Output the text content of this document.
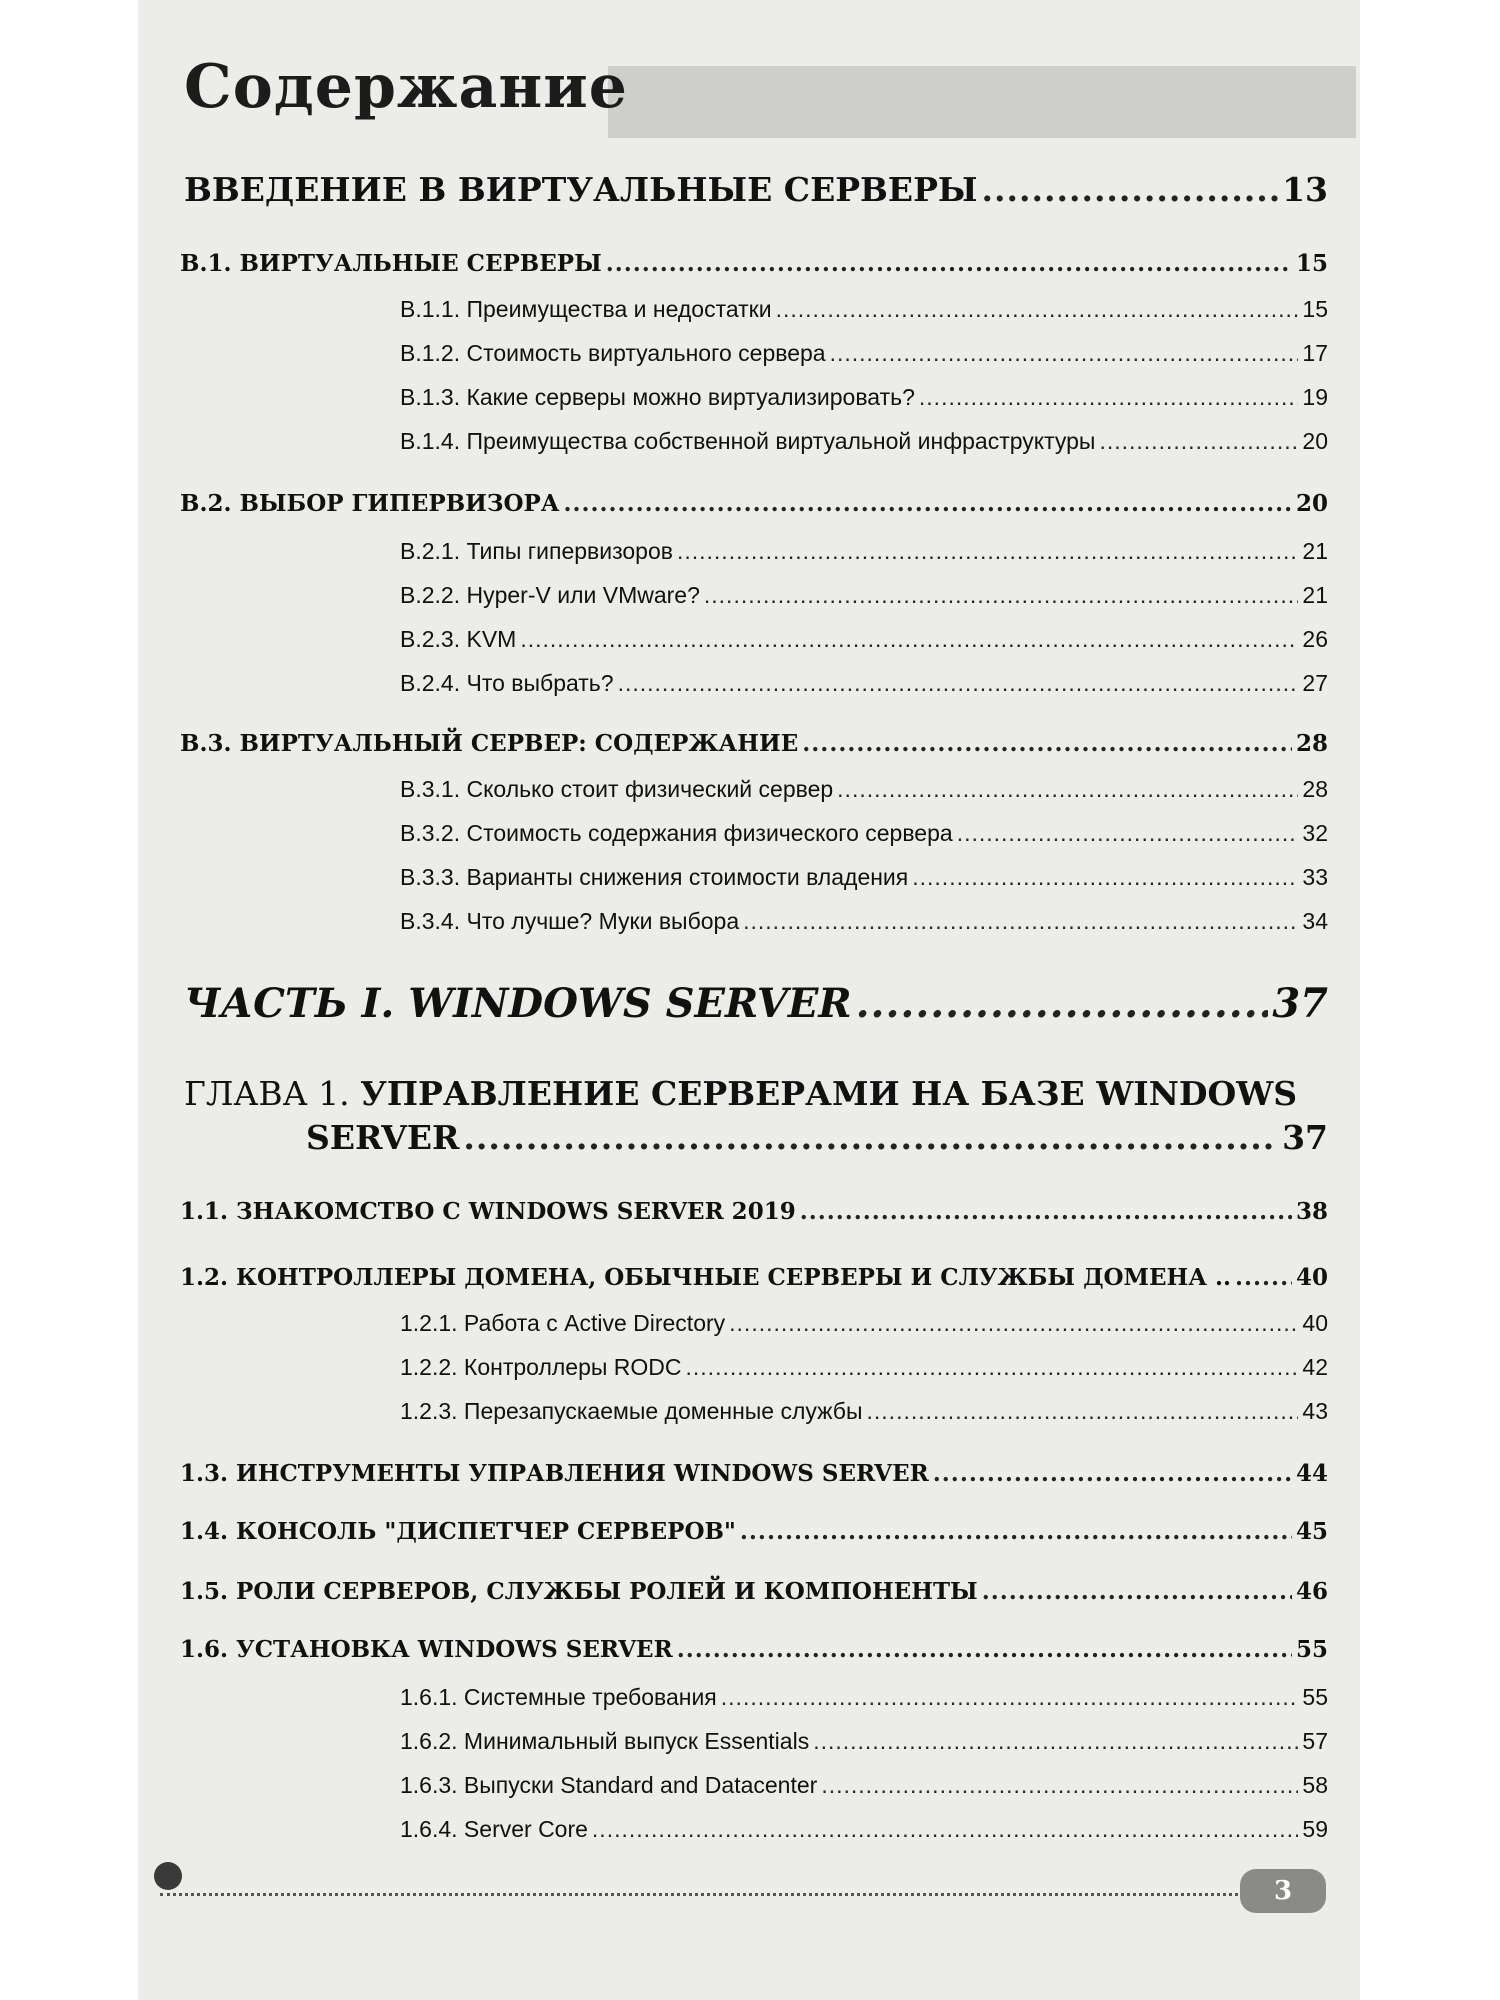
Содержание
ВВЕДЕНИЕ В ВИРТУАЛЬНЫЕ СЕРВЕРЫ .....	13
В.1. ВИРТУАЛЬНЫЕ СЕРВЕРЫ .....	15
В.1.1. Преимущества и недостатки .....	15
В.1.2. Стоимость виртуального сервера .....	17
В.1.3. Какие серверы можно виртуализировать? .....	19
В.1.4. Преимущества собственной виртуальной инфраструктуры .....	20
В.2. ВЫБОР ГИПЕРВИЗОРА .....	20
В.2.1. Типы гипервизоров .....	21
В.2.2. Hyper-V или VMware? .....	21
В.2.3. KVM .....	26
В.2.4. Что выбрать? .....	27
В.3. ВИРТУАЛЬНЫЙ СЕРВЕР: СОДЕРЖАНИЕ .....	28
В.3.1. Сколько стоит физический сервер .....	28
В.3.2. Стоимость содержания физического сервера .....	32
В.3.3. Варианты снижения стоимости владения .....	33
В.3.4. Что лучше? Муки выбора .....	34
ЧАСТЬ I. WINDOWS SERVER .....	37
ГЛАВА 1. УПРАВЛЕНИЕ СЕРВЕРАМИ НА БАЗЕ WINDOWS
SERVER .....	37
1.1. ЗНАКОМСТВО С WINDOWS SERVER 2019 .....	38
1.2. КОНТРОЛЛЕРЫ ДОМЕНА, ОБЫЧНЫЕ СЕРВЕРЫ И СЛУЖБЫ ДОМЕНА .. .....	40
1.2.1. Работа с Active Directory .....	40
1.2.2. Контроллеры RODC .....	42
1.2.3. Перезапускаемые доменные службы .....	43
1.3. ИНСТРУМЕНТЫ УПРАВЛЕНИЯ WINDOWS SERVER .....	44
1.4. КОНСОЛЬ "ДИСПЕТЧЕР СЕРВЕРОВ" .....	45
1.5. РОЛИ СЕРВЕРОВ, СЛУЖБЫ РОЛЕЙ И КОМПОНЕНТЫ .....	46
1.6. УСТАНОВКА WINDOWS SERVER .....	55
1.6.1. Системные требования .....	55
1.6.2. Минимальный выпуск Essentials .....	57
1.6.3. Выпуски Standard and Datacenter .....	58
1.6.4. Server Core .....	59
3
